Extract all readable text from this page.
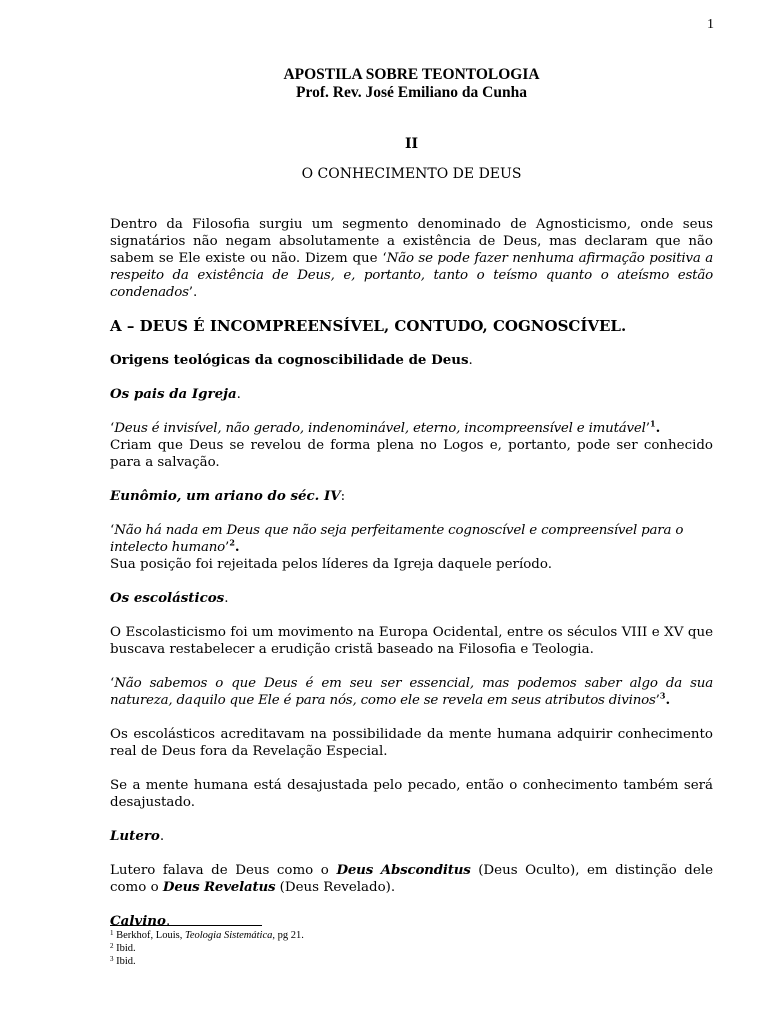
1
APOSTILA SOBRE TEONTOLOGIA
Prof. Rev. José Emiliano da Cunha
II
O CONHECIMENTO DE DEUS

Dentro da Filosofia surgiu um segmento denominado de Agnosticismo, onde seus signatários não negam absolutamente a existência de Deus, mas declaram que não sabem se Ele existe ou não. Dizem que ‘Não se pode fazer nenhuma afirmação positiva a respeito da existência de Deus, e, portanto, tanto o teísmo quanto o ateísmo estão condenados’.

A – DEUS É INCOMPREENSÍVEL, CONTUDO, COGNOSCÍVEL.

Origens teológicas da cognoscibilidade de Deus.

Os pais da Igreja.

‘Deus é invisível, não gerado, indenominável, eterno, incompreensível e imutável’$^1$.

Criam que Deus se revelou de forma plena no Logos e, portanto, pode ser conhecido para a salvação.

Eunômio, um ariano do séc. IV:

‘Não há nada em Deus que não seja perfeitamente cognoscível e compreensível para o intelecto humano’$^2$.

Sua posição foi rejeitada pelos líderes da Igreja daquele período.

Os escolásticos.

O Escolasticismo foi um movimento na Europa Ocidental, entre os séculos VIII e XV que buscava restabelecer a erudição cristã baseado na Filosofia e Teologia.

‘Não sabemos o que Deus é em seu ser essencial, mas podemos saber algo da sua natureza, daquilo que Ele é para nós, como ele se revela em seus atributos divinos’$^3$.

Os escolásticos acreditavam na possibilidade da mente humana adquirir conhecimento real de Deus fora da Revelação Especial.

Se a mente humana está desajustada pelo pecado, então o conhecimento também será desajustado.

Lutero.

Lutero falava de Deus como o Deus Absconditus (Deus Oculto), em distinção dele como o Deus Revelatus (Deus Revelado).

Calvino.

$^1$ Berkhof, Louis, Teologia Sistemática, pg 21.

$^2$ Ibid.

$^3$ Ibid.
